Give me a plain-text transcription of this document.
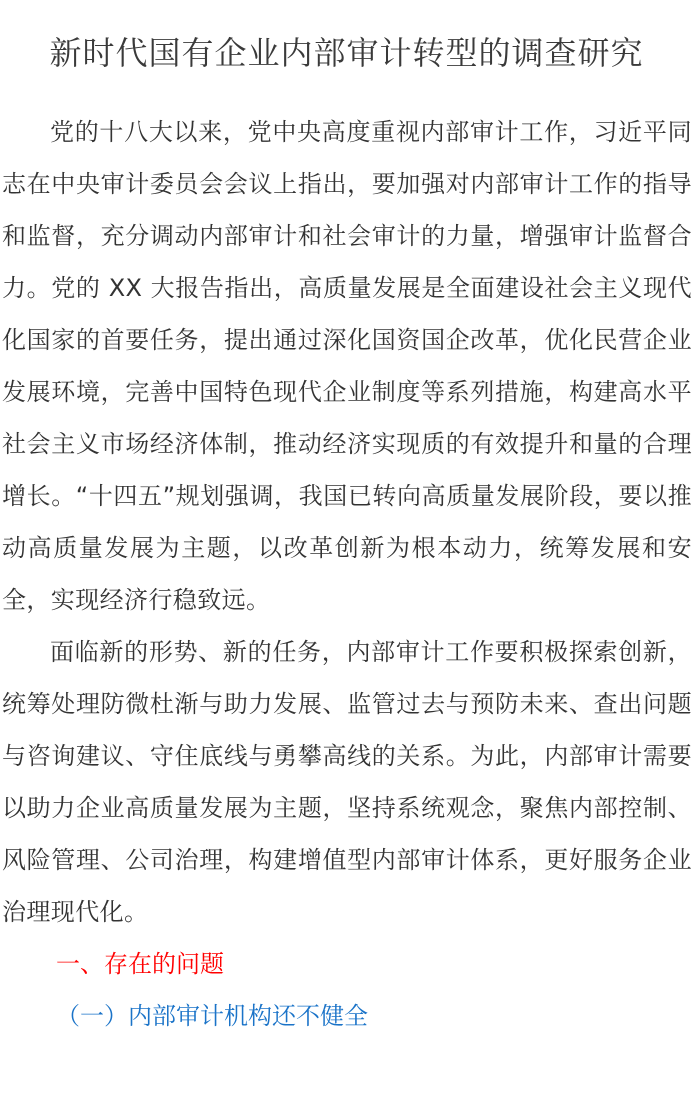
新时代国有企业内部审计转型的调查研究

党的十八大以来，党中央高度重视内部审计工作，习近平同志在中央审计委员会会议上指出，要加强对内部审计工作的指导和监督，充分调动内部审计和社会审计的力量，增强审计监督合力。党的 XX 大报告指出，高质量发展是全面建设社会主义现代化国家的首要任务，提出通过深化国资国企改革，优化民营企业发展环境，完善中国特色现代企业制度等系列措施，构建高水平社会主义市场经济体制，推动经济实现质的有效提升和量的合理增长。“十四五”规划强调，我国已转向高质量发展阶段，要以推动高质量发展为主题，以改革创新为根本动力，统筹发展和安全，实现经济行稳致远。

面临新的形势、新的任务，内部审计工作要积极探索创新，统筹处理防微杜渐与助力发展、监管过去与预防未来、查出问题与咨询建议、守住底线与勇攀高线的关系。为此，内部审计需要以助力企业高质量发展为主题，坚持系统观念，聚焦内部控制、风险管理、公司治理，构建增值型内部审计体系，更好服务企业治理现代化。

一、存在的问题

（一）内部审计机构还不健全
